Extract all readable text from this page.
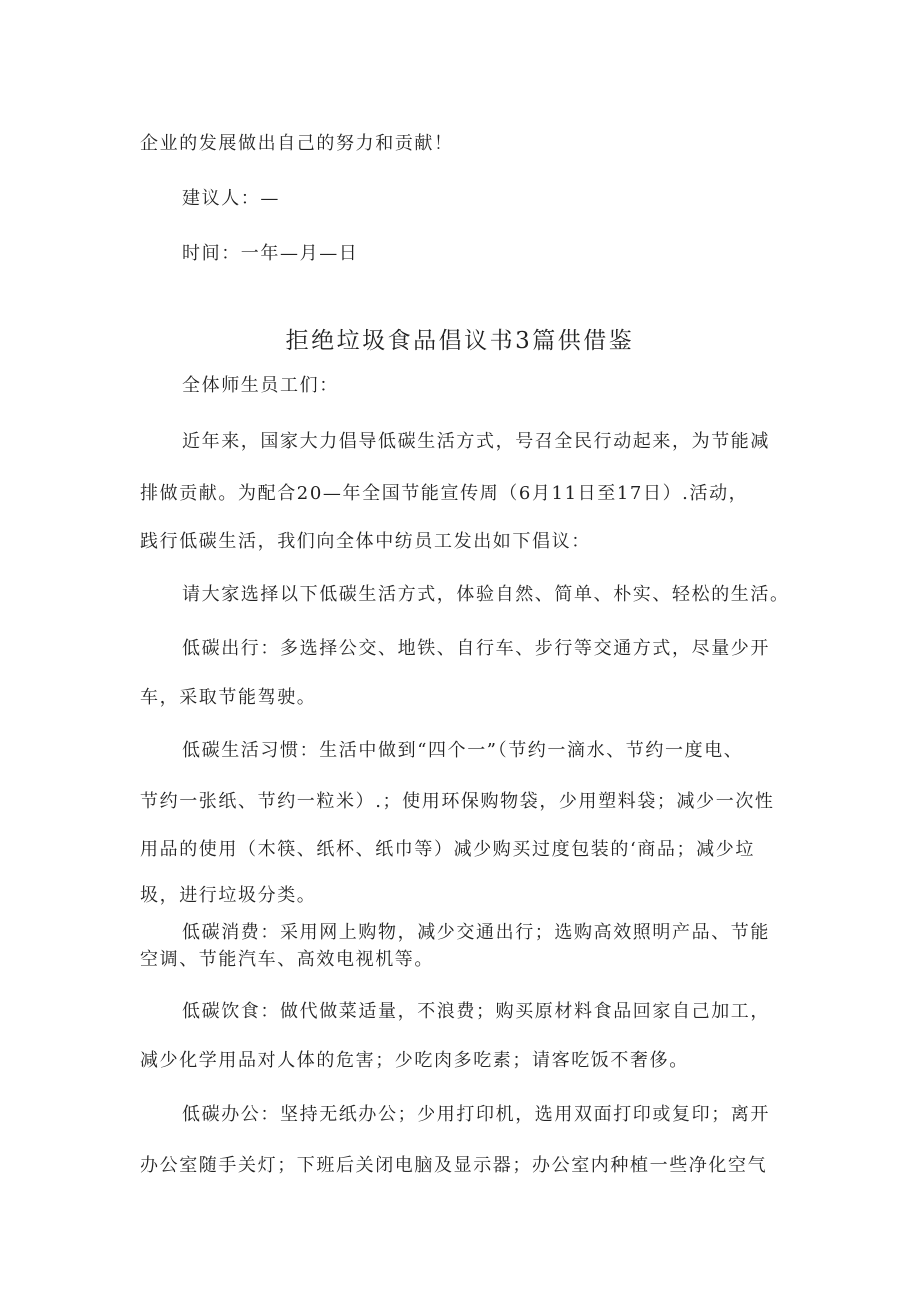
企业的发展做出自己的努力和贡献！
建议人：—
时间：一年—月—日
拒绝垃圾食品倡议书3篇供借鉴
全体师生员工们：
近年来，国家大力倡导低碳生活方式，号召全民行动起来，为节能减
排做贡献。为配合20—年全国节能宣传周（6月11日至17日）.活动，
践行低碳生活，我们向全体中纺员工发出如下倡议：
请大家选择以下低碳生活方式，体验自然、简单、朴实、轻松的生活。
低碳出行：多选择公交、地铁、自行车、步行等交通方式，尽量少开
车，采取节能驾驶。
低碳生活习惯：生活中做到“四个一”（节约一滴水、节约一度电、
节约一张纸、节约一粒米）.；使用环保购物袋，少用塑料袋；减少一次性
用品的使用（木筷、纸杯、纸巾等）减少购买过度包装的‘商品；减少垃
圾，进行垃圾分类。
低碳消费：采用网上购物，减少交通出行；选购高效照明产品、节能
空调、节能汽车、高效电视机等。
低碳饮食：做代做菜适量，不浪费；购买原材料食品回家自己加工，
减少化学用品对人体的危害；少吃肉多吃素；请客吃饭不奢侈。
低碳办公：坚持无纸办公；少用打印机，选用双面打印或复印；离开
办公室随手关灯；下班后关闭电脑及显示器；办公室内种植一些净化空气
